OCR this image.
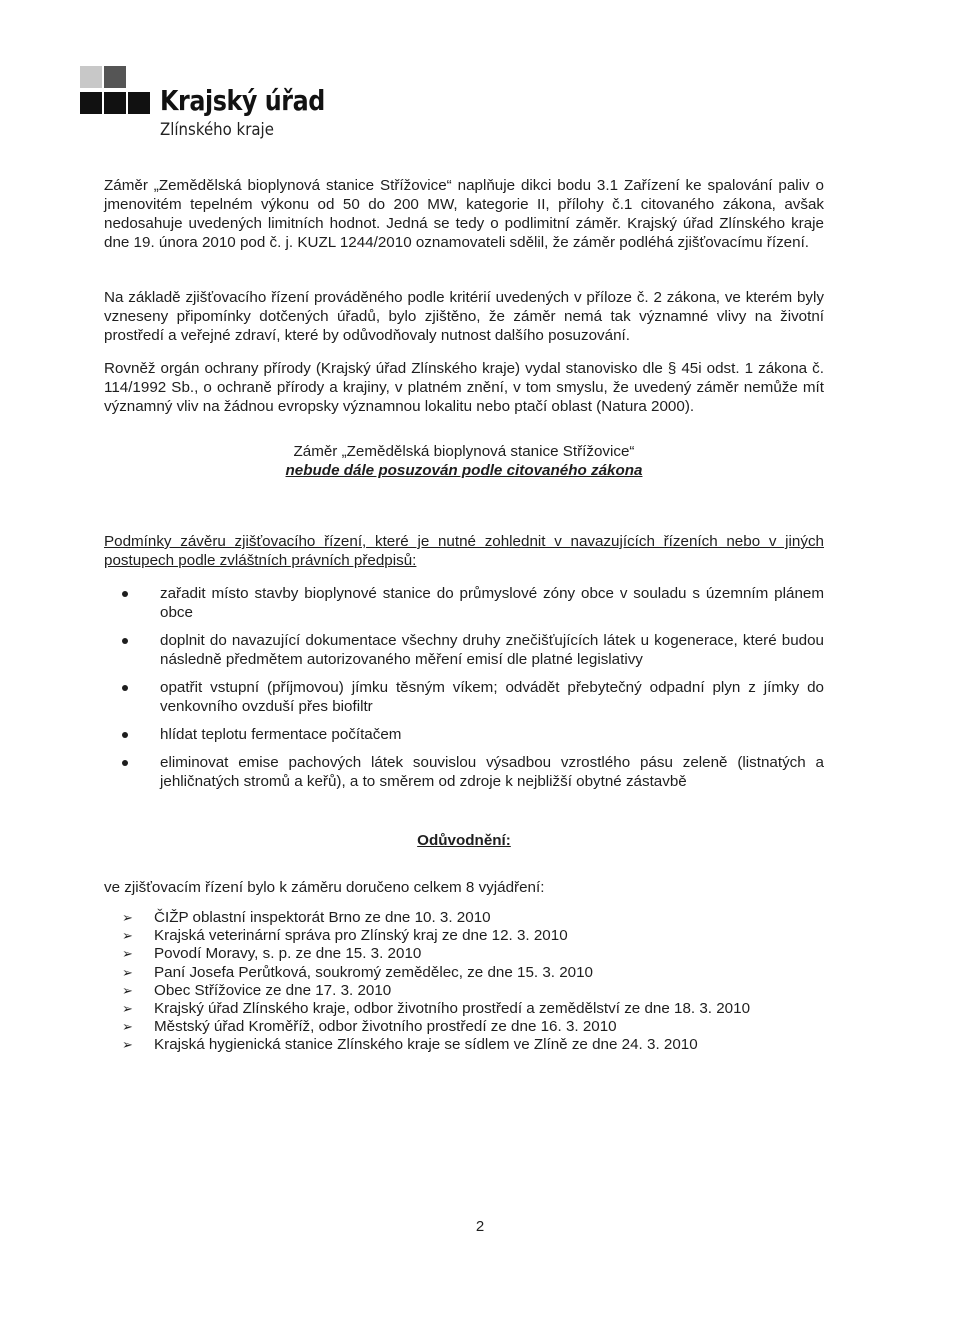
Krajský úřad
Zlínského kraje

Záměr „Zemědělská bioplynová stanice Střížovice“ naplňuje dikci bodu 3.1 Zařízení ke spalování paliv o jmenovitém tepelném výkonu od 50 do 200 MW, kategorie II, přílohy č.1 citovaného zákona, avšak nedosahuje uvedených limitních hodnot. Jedná se tedy o podlimitní záměr. Krajský úřad Zlínského kraje dne 19. února 2010 pod č. j. KUZL 1244/2010 oznamovateli sdělil, že záměr podléhá zjišťovacímu řízení.

Na základě zjišťovacího řízení prováděného podle kritérií uvedených v příloze č. 2 zákona, ve kterém byly vzneseny připomínky dotčených úřadů, bylo zjištěno, že záměr nemá tak významné vlivy na životní prostředí a veřejné zdraví, které by odůvodňovaly nutnost dalšího posuzování.

Rovněž orgán ochrany přírody (Krajský úřad Zlínského kraje) vydal stanovisko dle § 45i odst. 1 zákona č. 114/1992 Sb., o ochraně přírody a krajiny, v platném znění, v tom smyslu, že uvedený záměr nemůže mít významný vliv na žádnou evropsky významnou lokalitu nebo ptačí oblast (Natura 2000).

Záměr „Zemědělská bioplynová stanice Střížovice“
nebude dále posuzován podle citovaného zákona

Podmínky závěru zjišťovacího řízení, které je nutné zohlednit v navazujících řízeních nebo v jiných postupech podle zvláštních právních předpisů:

zařadit místo stavby bioplynové stanice do průmyslové zóny obce v souladu s územním plánem obce
doplnit do navazující dokumentace všechny druhy znečišťujících látek u kogenerace, které budou následně předmětem autorizovaného měření emisí dle platné legislativy
opatřit vstupní (příjmovou) jímku těsným víkem; odvádět přebytečný odpadní plyn z jímky do venkovního ovzduší přes biofiltr
hlídat teplotu fermentace počítačem
eliminovat emise pachových látek souvislou výsadbou vzrostlého pásu zeleně (listnatých a jehličnatých stromů a keřů), a to směrem od zdroje k nejbližší obytné zástavbě
Odůvodnění:

ve zjišťovacím řízení bylo k záměru doručeno celkem 8 vyjádření:

➢ ČIŽP oblastní inspektorát Brno ze dne 10. 3. 2010
➢ Krajská veterinární správa pro Zlínský kraj ze dne 12. 3. 2010
➢ Povodí Moravy, s. p. ze dne 15. 3. 2010
➢ Paní Josefa Perůtková, soukromý zemědělec, ze dne 15. 3. 2010
➢ Obec Střížovice ze dne 17. 3. 2010
➢ Krajský úřad Zlínského kraje, odbor životního prostředí a zemědělství ze dne 18. 3. 2010
➢ Městský úřad Kroměříž, odbor životního prostředí ze dne 16. 3. 2010
➢ Krajská hygienická stanice Zlínského kraje se sídlem ve Zlíně ze dne 24. 3. 2010
2
